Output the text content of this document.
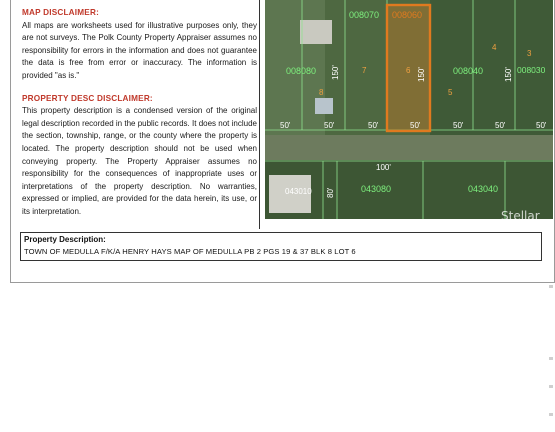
MAP DISCLAIMER:

All maps are worksheets used for illustrative purposes only, they are not surveys. The Polk County Property Appraiser assumes no responsibility for errors in the information and does not guarantee the data is free from error or inaccuracy. The information is provided "as is."

PROPERTY DESC DISCLAIMER:

This property description is a condensed version of the original legal description recorded in the public records. It does not include the section, township, range, or the county where the property is located. The property description should not be used when conveying property. The Property Appraiser assumes no responsibility for the consequences of inappropriate uses or interpretations of the property description. No warranties, expressed or implied, are provided for the data herein, its use, or its interpretation.

008070 008060
008080	008040	008030
043010	043080	043040
8
7	6
5
4
3
50'	50'	50'	50'	50'	50'	50'
150'	150'	150'
100'
80'
Property Description:
TOWN OF MEDULLA F/K/A HENRY HAYS MAP OF MEDULLA PB 2 PGS 19 & 37 BLK 8 LOT 6
Stellar
